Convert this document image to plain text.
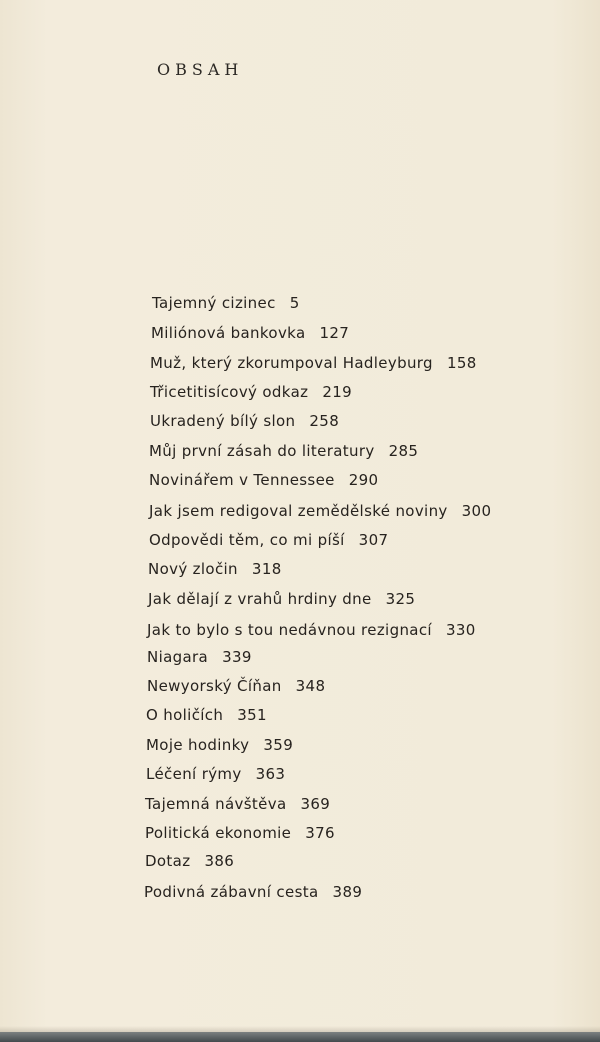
OBSAH
Tajemný cizinec 5
Miliónová bankovka 127
Muž, který zkorumpoval Hadleyburg 158
Třicetitisícový odkaz 219
Ukradený bílý slon 258
Můj první zásah do literatury 285
Novinářem v Tennessee 290
Jak jsem redigoval zemědělské noviny 300
Odpovědi těm, co mi píší 307
Nový zločin 318
Jak dělají z vrahů hrdiny dne 325
Jak to bylo s tou nedávnou rezignací 330
Niagara 339
Newyorský Číňan 348
O holičích 351
Moje hodinky 359
Léčení rýmy 363
Tajemná návštěva 369
Politická ekonomie 376
Dotaz 386
Podivná zábavní cesta 389
